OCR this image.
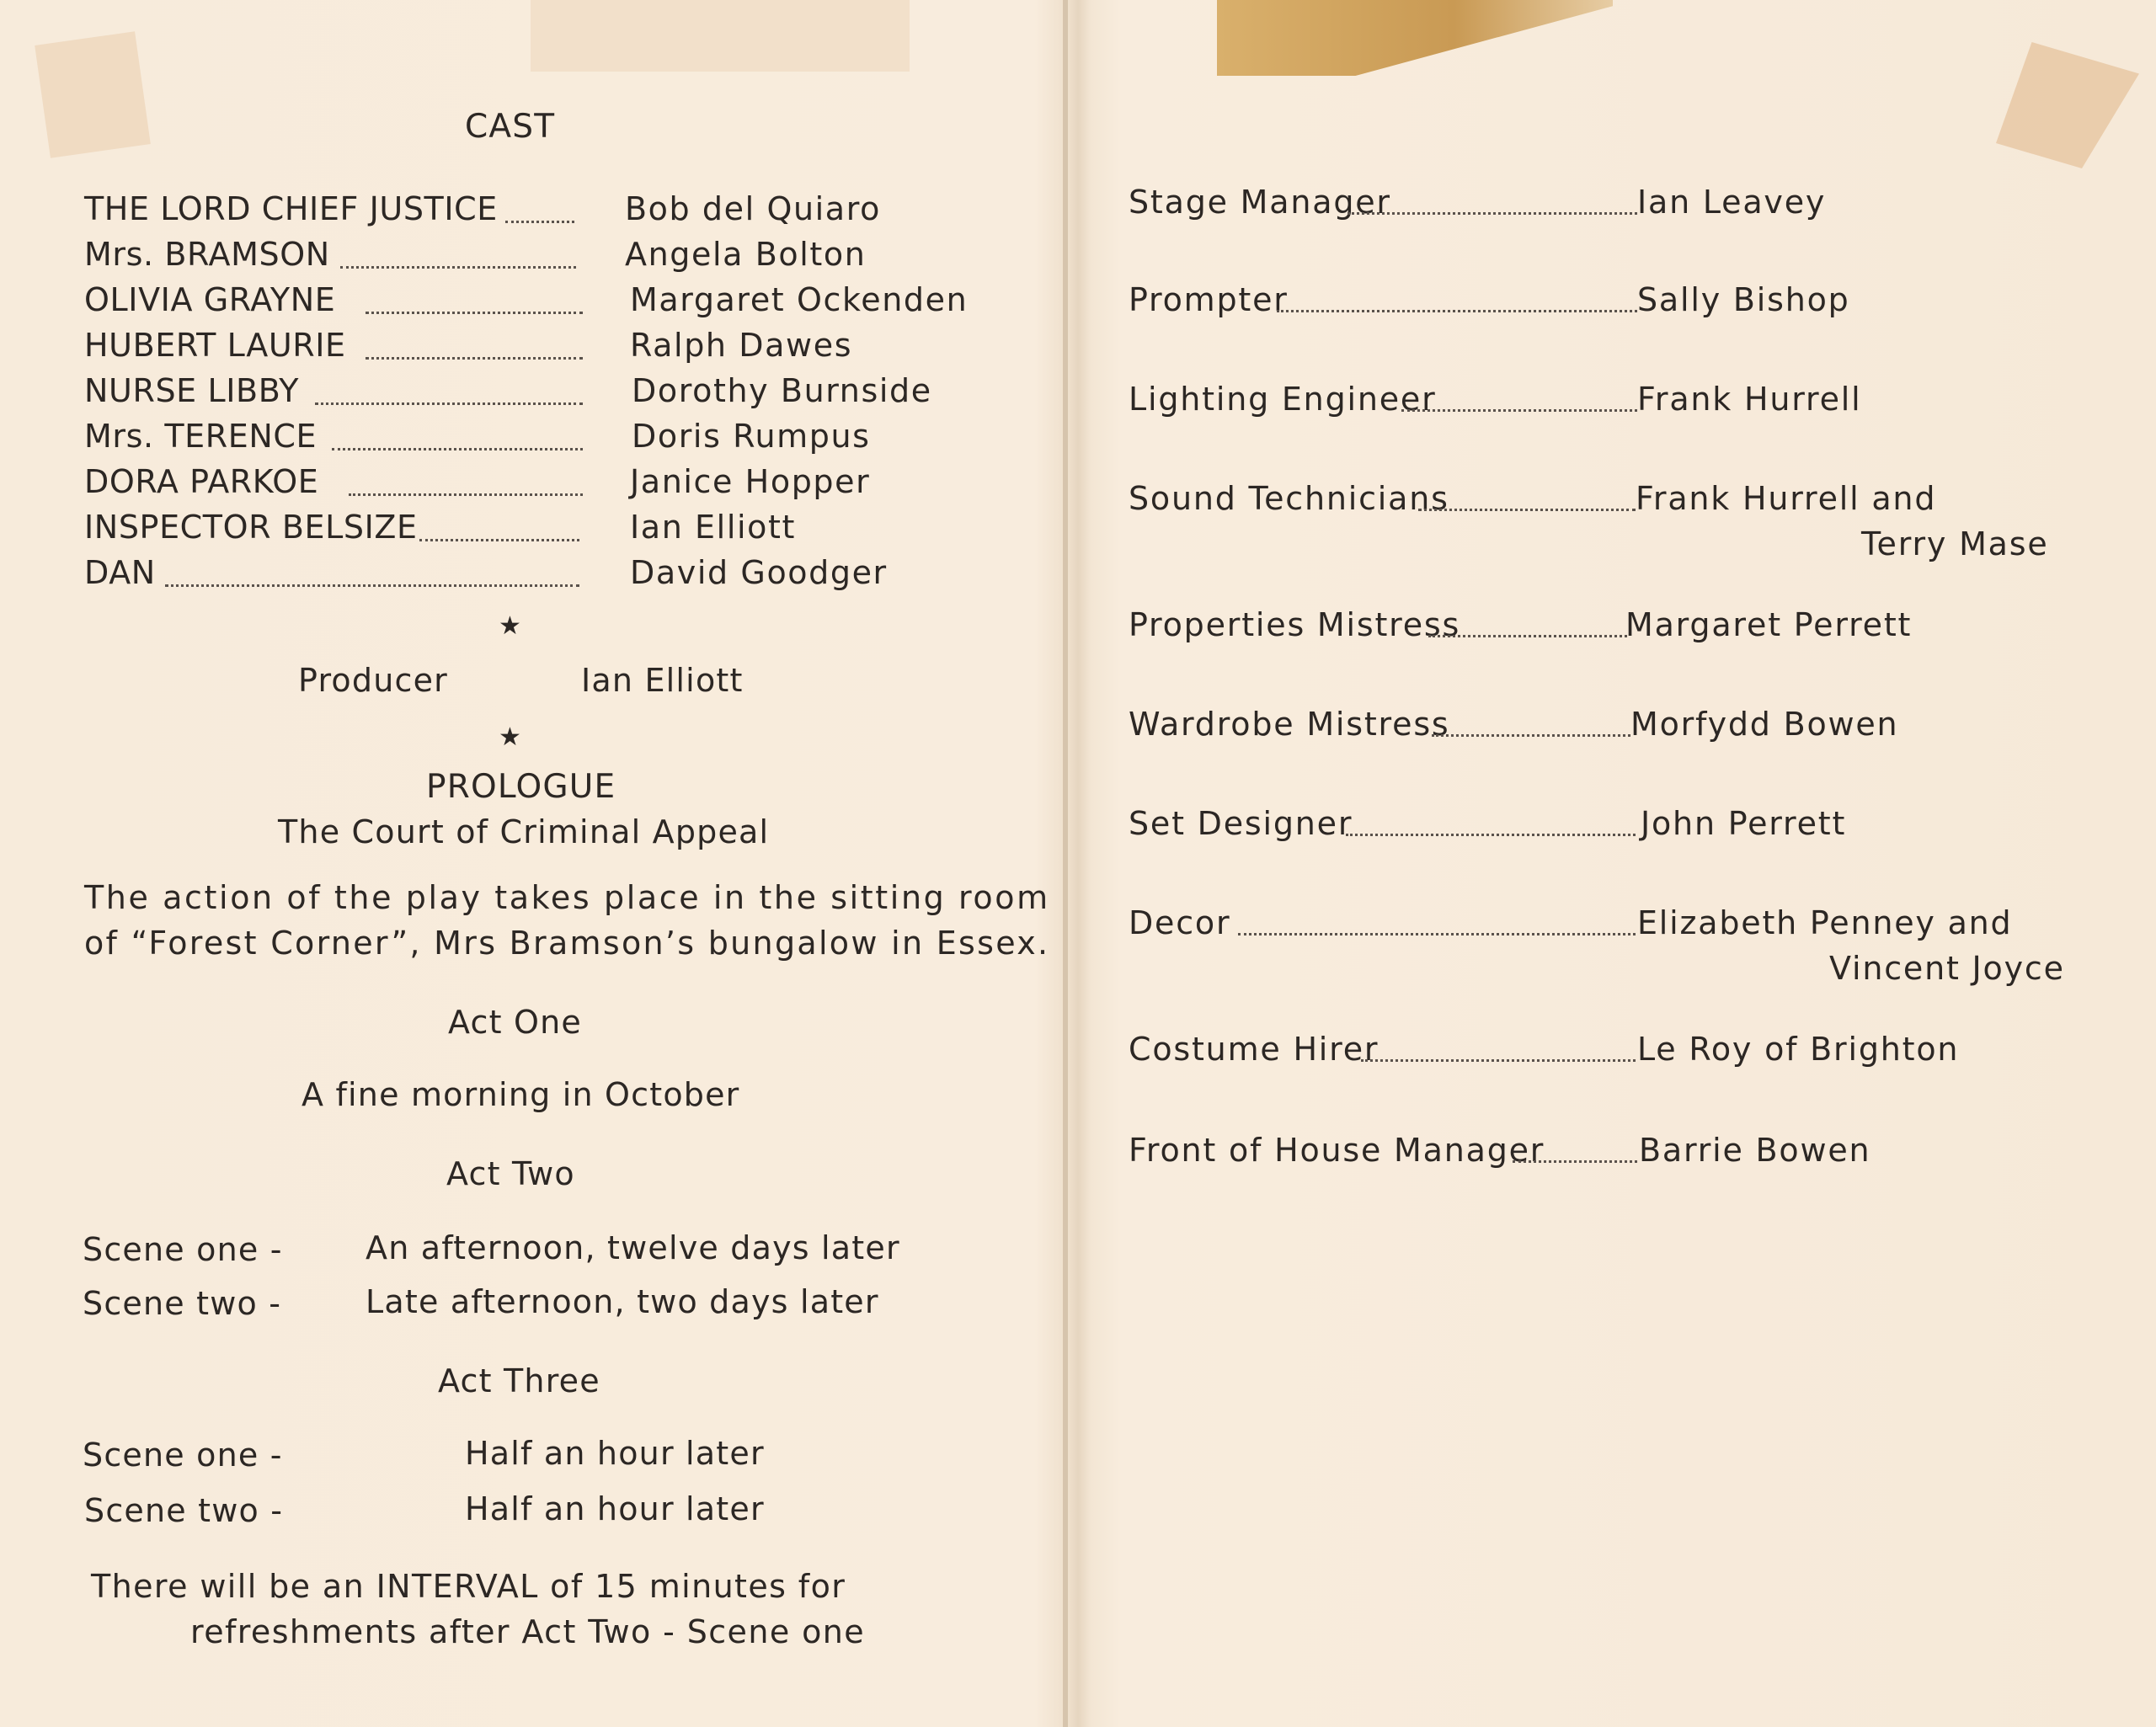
CAST
THE LORD CHIEF JUSTICE	Bob del Quiaro
Mrs. BRAMSON	Angela Bolton
OLIVIA GRAYNE	Margaret Ockenden
HUBERT LAURIE	Ralph Dawes
NURSE LIBBY	Dorothy Burnside
Mrs. TERENCE	Doris Rumpus
DORA PARKOE	Janice Hopper
INSPECTOR BELSIZE	Ian Elliott
DAN	David Goodger
★
Producer	Ian Elliott
★
PROLOGUE
The Court of Criminal Appeal
The action of the play takes place in the sitting room
of “Forest Corner”, Mrs Bramson’s bungalow in Essex.
Act One
A fine morning in October
Act Two
Scene one -	An afternoon, twelve days later
Scene two -	Late afternoon, two days later
Act Three
Scene one -	Half an hour later
Scene two -	Half an hour later
There will be an INTERVAL of 15 minutes for
refreshments after Act Two - Scene one
Stage Manager	Ian Leavey
Prompter	Sally Bishop
Lighting Engineer	Frank Hurrell
Sound Technicians	Frank Hurrell and
Terry Mase
Properties Mistress	Margaret Perrett
Wardrobe Mistress	Morfydd Bowen
Set Designer	John Perrett
Decor	Elizabeth Penney and
Vincent Joyce
Costume Hirer	Le Roy of Brighton
Front of House Manager	Barrie Bowen
